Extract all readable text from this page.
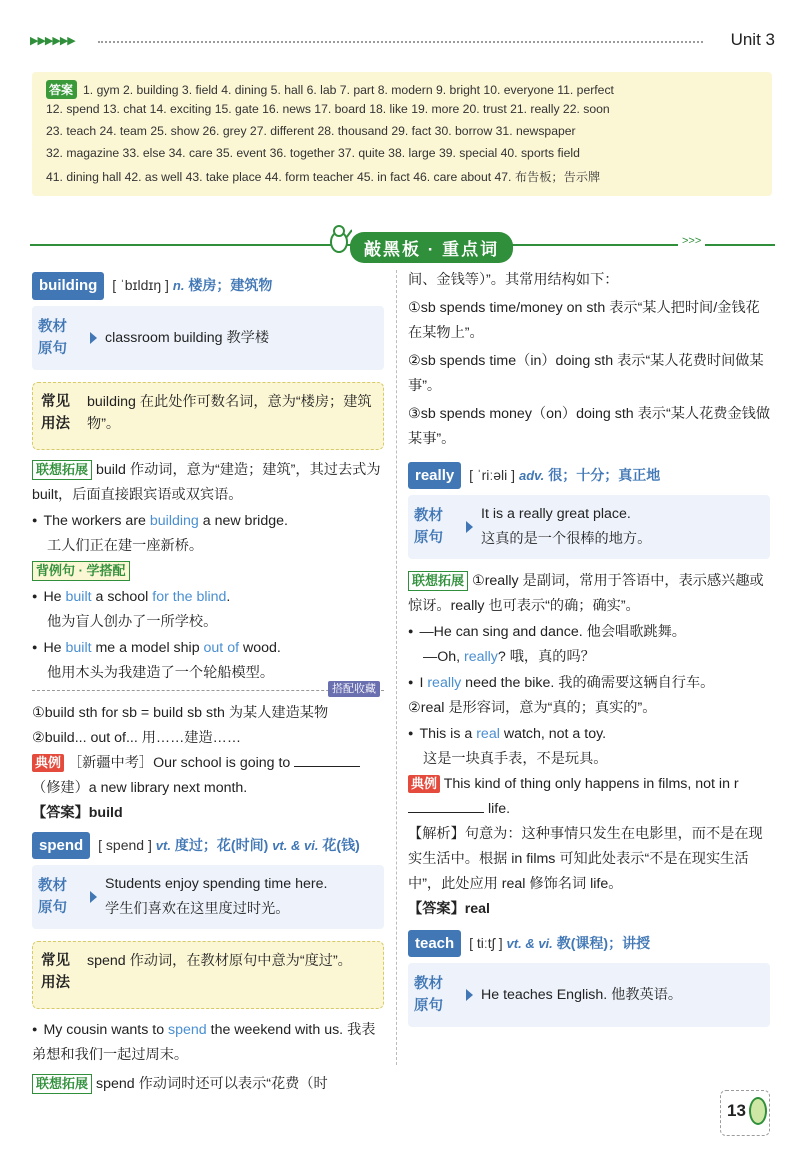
▶▶▶▶▶▶	Unit 3
答案 1. gym 2. building 3. field 4. dining 5. hall 6. lab 7. part 8. modern 9. bright 10. everyone 11. perfect
12. spend 13. chat 14. exciting 15. gate 16. news 17. board 18. like 19. more 20. trust 21. really 22. soon
23. teach 24. team 25. show 26. grey 27. different 28. thousand 29. fact 30. borrow 31. newspaper
32. magazine 33. else 34. care 35. event 36. together 37. quite 38. large 39. special 40. sports field
41. dining hall 42. as well 43. take place 44. form teacher 45. in fact 46. care about 47. 布告板；告示牌
敲黑板 · 重点词	>>>

building [ ˈbɪldɪŋ ] n. 楼房；建筑物

教材
原句
classroom building 教学楼
常见
用法
building 在此处作可数名词，意为“楼房；建筑物”。

联想拓展 build 作动词，意为“建造；建筑”，其过去式为 built，后面直接跟宾语或双宾语。

● The workers are building a new bridge.

工人们正在建一座新桥。

背例句 · 学搭配

● He built a school for the blind.

他为盲人创办了一所学校。

● He built me a model ship out of wood.

他用木头为我建造了一个轮船模型。

搭配收藏

①build sth for sb = build sb sth 为某人建造某物

②build... out of... 用……建造……

典例 ［新疆中考］Our school is going to

（修建）a new library next month.

【答案】build

spend [ spend ] vt. 度过；花(时间) vt. & vi. 花(钱)

教材
原句
Students enjoy spending time here.
学生们喜欢在这里度过时光。
常见
用法
spend 作动词，在教材原句中意为“度过”。

● My cousin wants to spend the weekend with us. 我表弟想和我们一起过周末。

联想拓展 spend 作动词时还可以表示“花费（时

间、金钱等）”。其常用结构如下：

①sb spends time/money on sth 表示“某人把时间/金钱花在某物上”。

②sb spends time（in）doing sth 表示“某人花费时间做某事”。

③sb spends money（on）doing sth 表示“某人花费金钱做某事”。

really [ ˈriːəli ] adv. 很；十分；真正地

教材
原句
It is a really great place.
这真的是一个很棒的地方。

联想拓展 ①really 是副词，常用于答语中，表示感兴趣或惊讶。really 也可表示“的确；确实”。

● —He can sing and dance. 他会唱歌跳舞。

—Oh, really? 哦，真的吗？

● I really need the bike. 我的确需要这辆自行车。

②real 是形容词，意为“真的；真实的”。

● This is a real watch, not a toy.

这是一块真手表，不是玩具。

典例 This kind of thing only happens in films, not in r life.

【解析】句意为：这种事情只发生在电影里，而不是在现实生活中。根据 in films 可知此处表示“不是在现实生活中”，此处应用 real 修饰名词 life。

【答案】real

teach [ tiːtʃ ] vt. & vi. 教(课程)；讲授

教材
原句
He teaches English. 他教英语。
13
